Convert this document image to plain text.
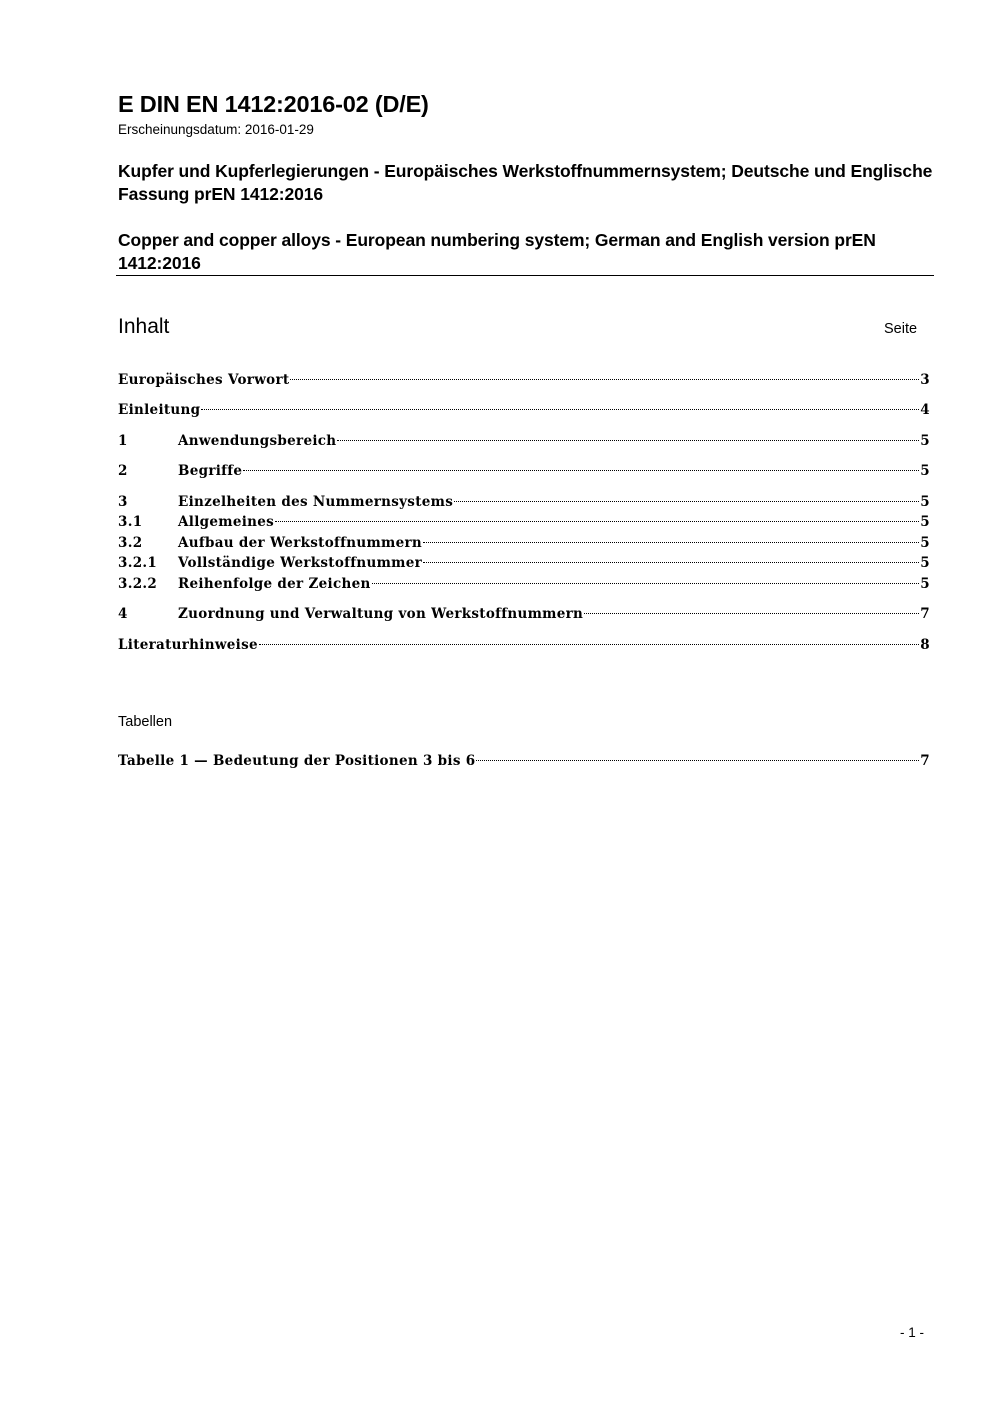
E DIN EN 1412:2016-02 (D/E)
Erscheinungsdatum: 2016-01-29

Kupfer und Kupferlegierungen - Europäisches Werkstoffnummernsystem; Deutsche und Englische Fassung prEN 1412:2016

Copper and copper alloys - European numbering system; German and English version prEN 1412:2016

Inhalt	Seite
Europäisches Vorwort	3
Einleitung	4
1	Anwendungsbereich	5
2	Begriffe	5
3	Einzelheiten des Nummernsystems	5
3.1	Allgemeines	5
3.2	Aufbau der Werkstoffnummern	5
3.2.1	Vollständige Werkstoffnummer	5
3.2.2	Reihenfolge der Zeichen	5
4	Zuordnung und Verwaltung von Werkstoffnummern	7
Literaturhinweise	8
Tabellen
Tabelle 1 — Bedeutung der Positionen 3 bis 6	7
- 1 -
